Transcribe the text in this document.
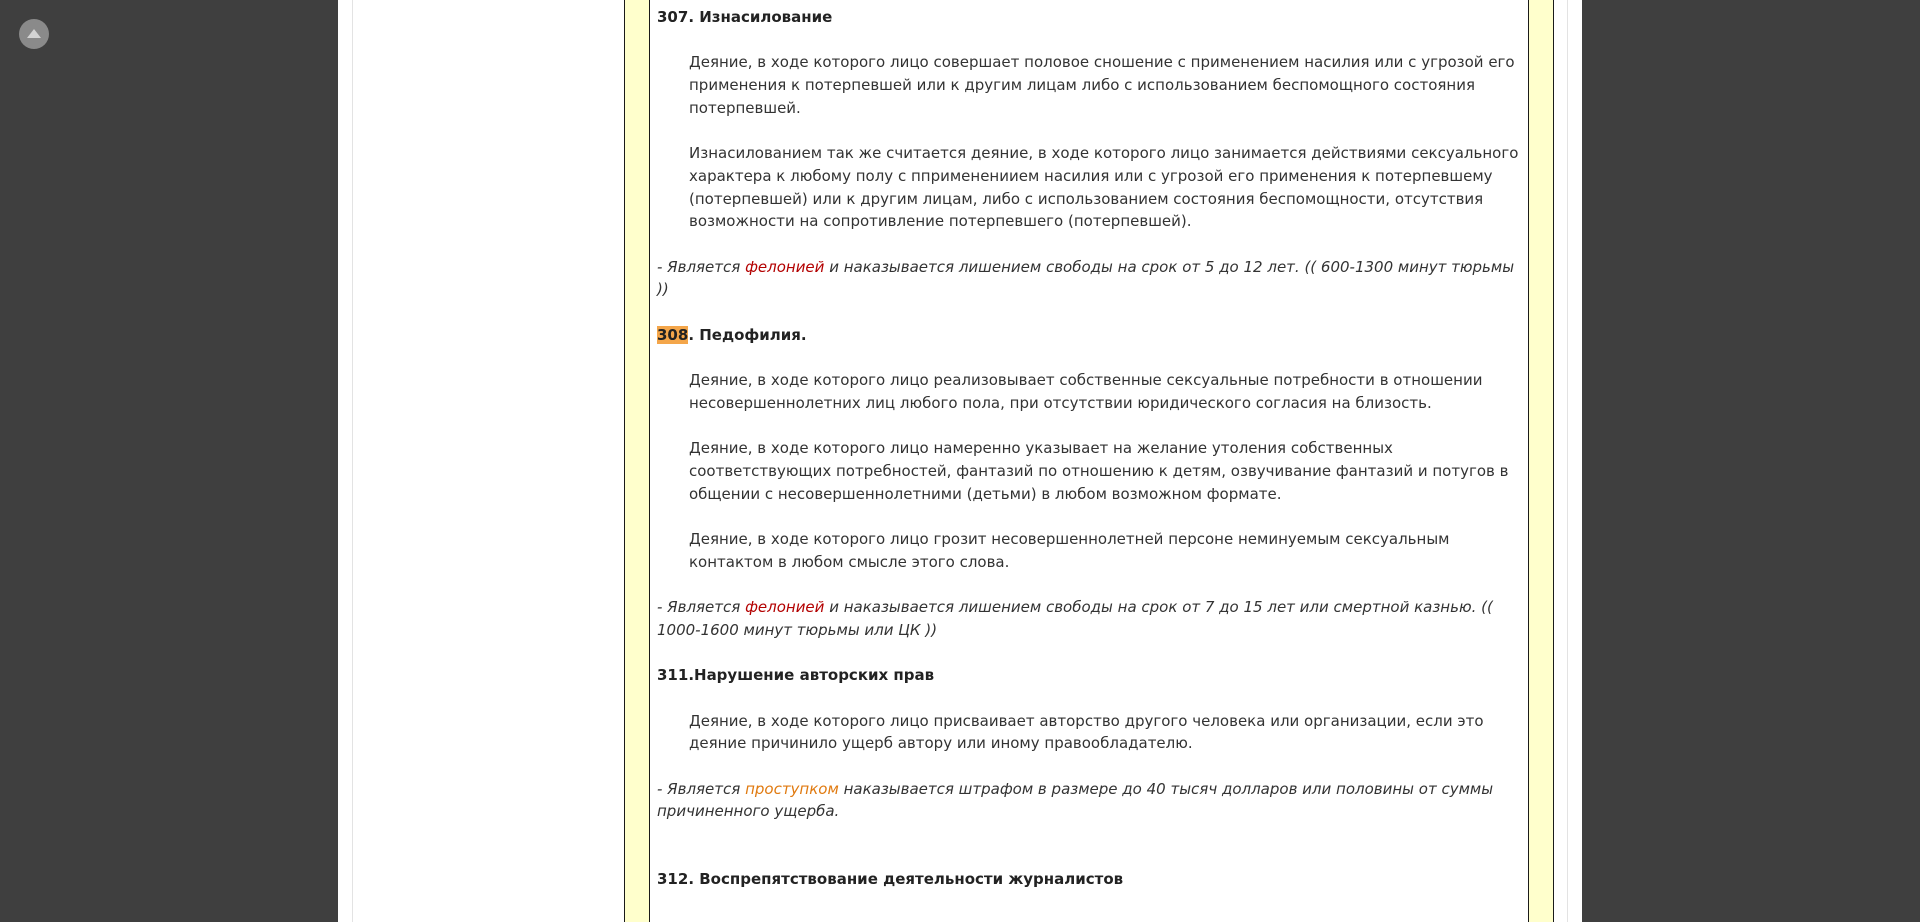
307. Изнасилование
Деяние, в ходе которого лицо совершает половое сношение с применением насилия или с угрозой его применения к потерпевшей или к другим лицам либо с использованием беспомощного состояния потерпевшей.
Изнасилованием так же считается деяние, в ходе которого лицо занимается действиями сексуального характера к любому полу с пприменениием насилия или с угрозой его применения к потерпевшему (потерпевшей) или к другим лицам, либо с использованием состояния беспомощности, отсутствия возможности на сопротивление потерпевшего (потерпевшей).
- Является фелонией и наказывается лишением свободы на срок от 5 до 12 лет. (( 600-1300 минут тюрьмы ))
308. Педофилия.
Деяние, в ходе которого лицо реализовывает собственные сексуальные потребности в отношении несовершеннолетних лиц любого пола, при отсутствии юридического согласия на близость.
Деяние, в ходе которого лицо намеренно указывает на желание утоления собственных соответствующих потребностей, фантазий по отношению к детям, озвучивание фантазий и потугов в общении с несовершеннолетними (детьми) в любом возможном формате.
Деяние, в ходе которого лицо грозит несовершеннолетней персоне неминуемым сексуальным контактом в любом смысле этого слова.
- Является фелонией и наказывается лишением свободы на срок от 7 до 15 лет или смертной казнью. (( 1000-1600 минут тюрьмы или ЦК ))
311.Нарушение авторских прав
Деяние, в ходе которого лицо присваивает авторство другого человека или организации, если это деяние причинило ущерб автору или иному правообладателю.
- Является проступком наказывается штрафом в размере до 40 тысяч долларов или половины от суммы причиненного ущерба.
312. Воспрепятствование деятельности журналистов
